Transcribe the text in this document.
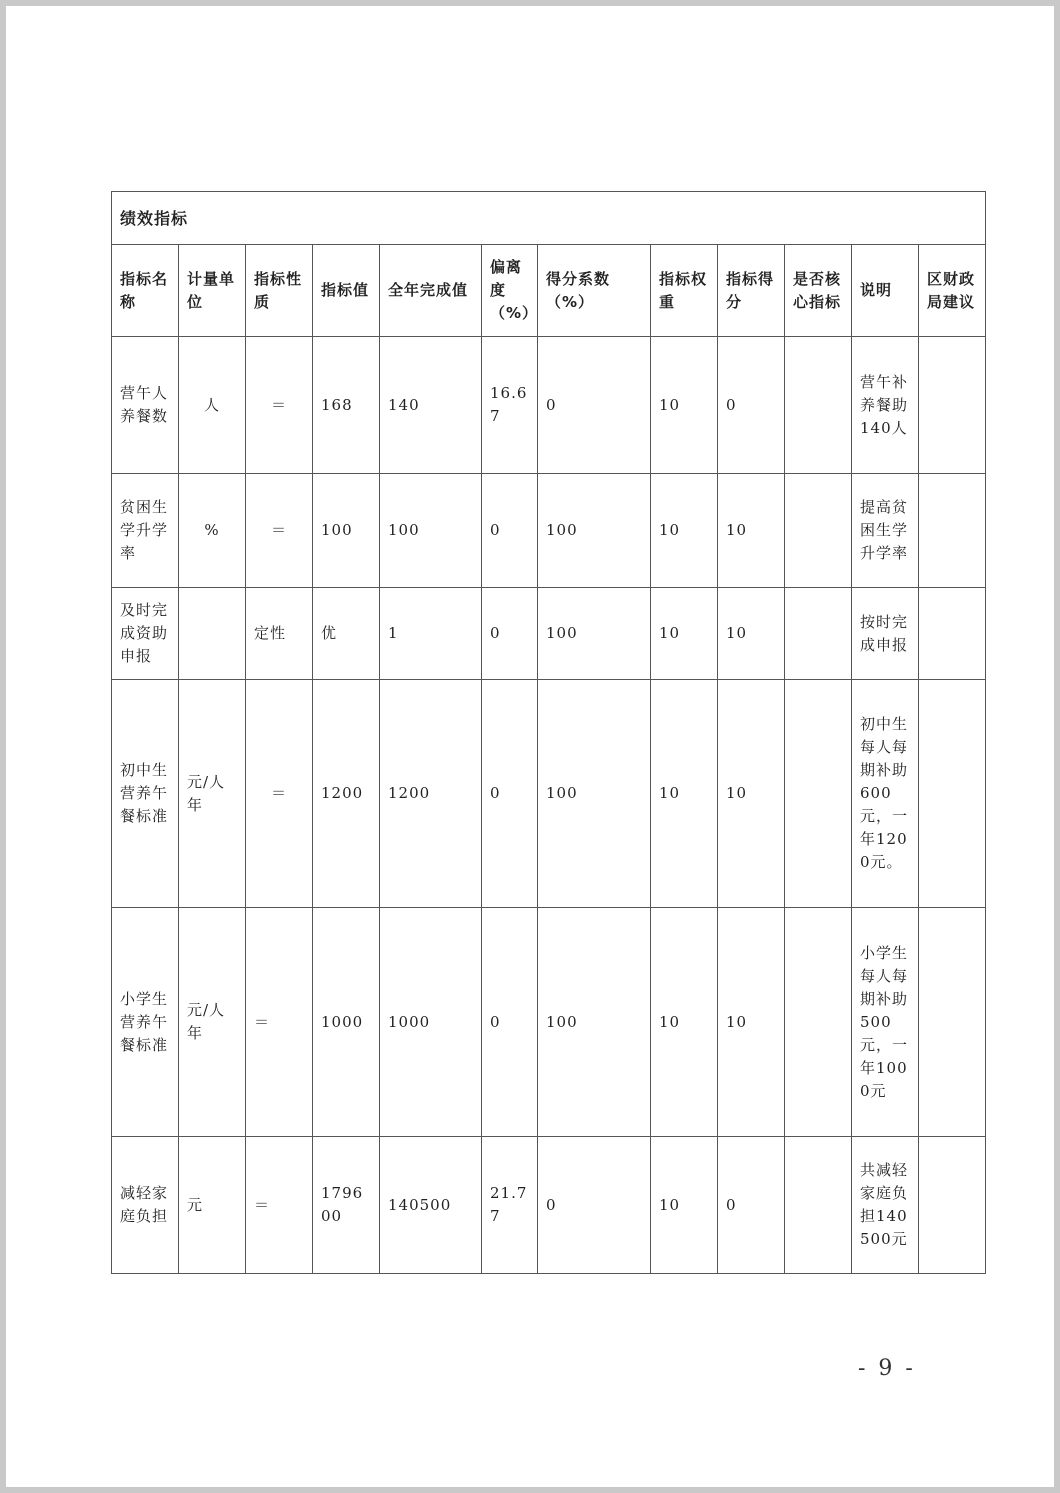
绩效指标											
指标名称	计量单位	指标性质	指标值	全年完成值	偏离度（%）	得分系数（%）	指标权重	指标得分	是否核心指标	说明	区财政局建议
营午人养餐数	人	＝	168	140	16.67	0	10	0		营午补养餐助140人	
贫困生学升学率	%	＝	100	100	0	100	10	10		提高贫困生学升学率	
及时完成资助申报		定性	优	1	0	100	10	10		按时完成申报	
初中生营养午餐标准	元/人年	＝	1200	1200	0	100	10	10		初中生每人每期补助600元，一年1200元。	
小学生营养午餐标准	元/人年	＝	1000	1000	0	100	10	10		小学生每人每期补助500元，一年1000元	
减轻家庭负担	元	＝	179600	140500	21.77	0	10	0		共减轻家庭负担140500元	
- 9 -
